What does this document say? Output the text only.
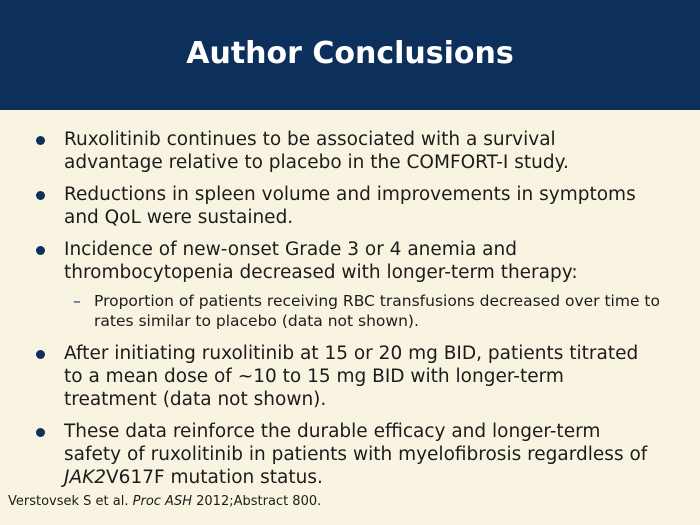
Author Conclusions
Ruxolitinib continues to be associated with a survival advantage relative to placebo in the COMFORT-I study.
Reductions in spleen volume and improvements in symptoms and QoL were sustained.
Incidence of new-onset Grade 3 or 4 anemia and thrombocytopenia decreased with longer-term therapy:
– Proportion of patients receiving RBC transfusions decreased over time to rates similar to placebo (data not shown).
After initiating ruxolitinib at 15 or 20 mg BID, patients titrated to a mean dose of ~10 to 15 mg BID with longer-term treatment (data not shown).
These data reinforce the durable efficacy and longer-term safety of ruxolitinib in patients with myelofibrosis regardless of JAK2V617F mutation status.
Verstovsek S et al. Proc ASH 2012;Abstract 800.
